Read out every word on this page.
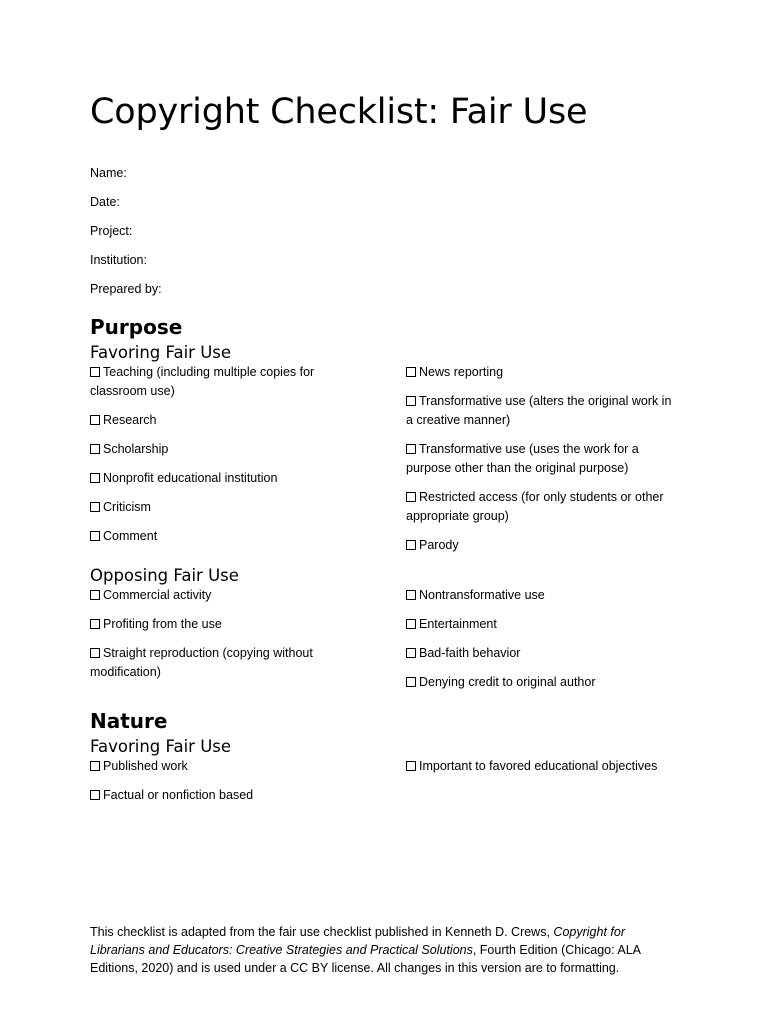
Copyright Checklist: Fair Use
Name:
Date:
Project:
Institution:
Prepared by:
Purpose
Favoring Fair Use
Teaching (including multiple copies for classroom use)
Research
Scholarship
Nonprofit educational institution
Criticism
Comment
News reporting
Transformative use (alters the original work in a creative manner)
Transformative use (uses the work for a purpose other than the original purpose)
Restricted access (for only students or other appropriate group)
Parody
Opposing Fair Use
Commercial activity
Profiting from the use
Straight reproduction (copying without modification)
Nontransformative use
Entertainment
Bad-faith behavior
Denying credit to original author
Nature
Favoring Fair Use
Published work
Factual or nonfiction based
Important to favored educational objectives

This checklist is adapted from the fair use checklist published in Kenneth D. Crews, Copyright for Librarians and Educators: Creative Strategies and Practical Solutions, Fourth Edition (Chicago: ALA Editions, 2020) and is used under a CC BY license. All changes in this version are to formatting.
